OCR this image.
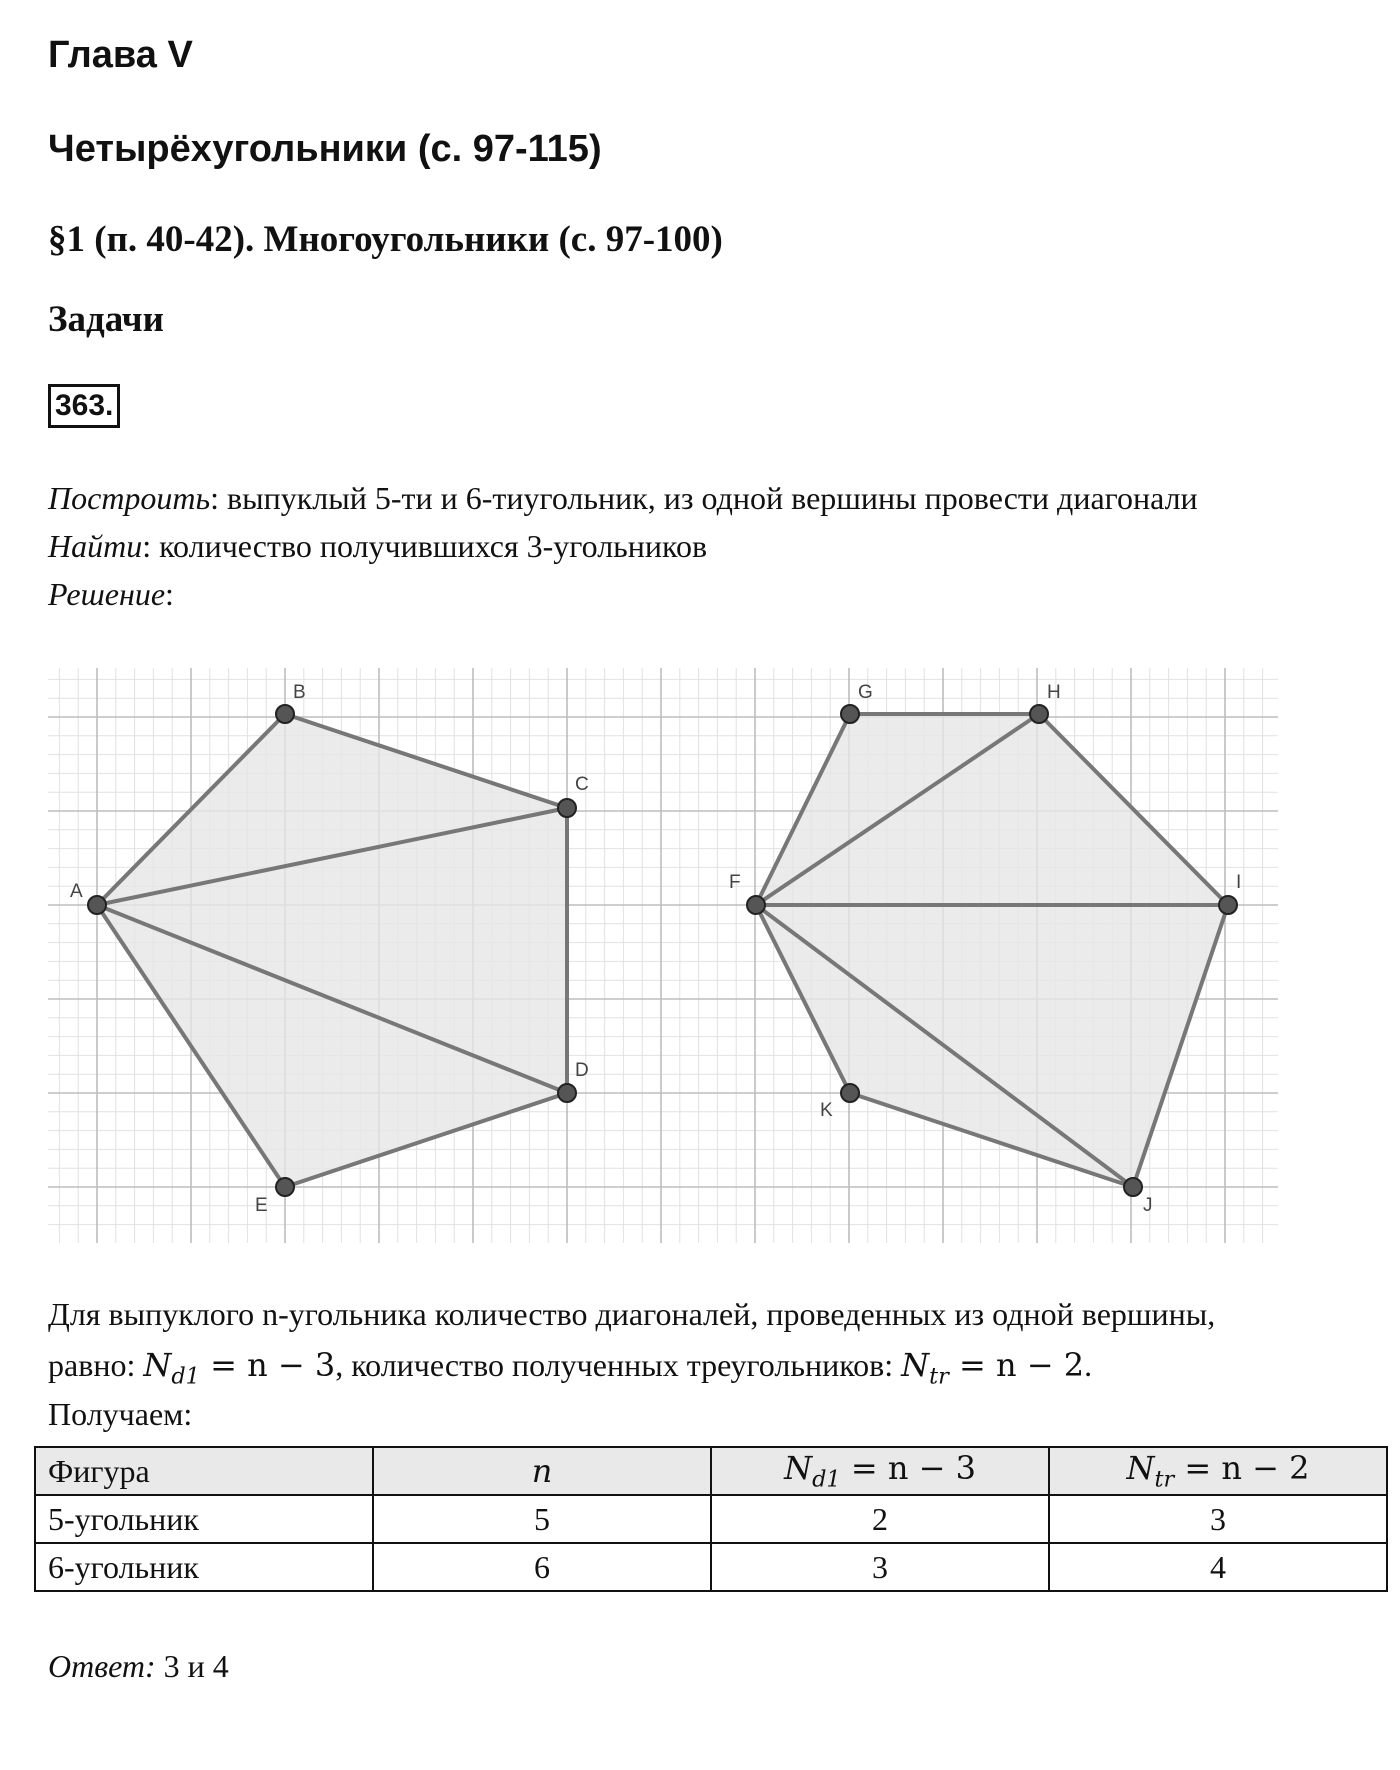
Глава V
Четырёхугольники (с. 97-115)
§1 (п. 40-42). Многоугольники (с. 97-100)
Задачи
363.
Построить: выпуклый 5-ти и 6-тиугольник, из одной вершины провести диагонали
Найти: количество получившихся 3-угольников
Решение:
A
B
C
D
E
F
G	H
I
J
K
Для выпуклого n-угольника количество диагоналей, проведенных из одной вершины,
равно: $N_{d1} = n - 3$, количество полученных треугольников: $N_{tr} = n - 2$.
Получаем:
Фигура	n	$N_{d1} = n - 3$	$N_{tr} = n - 2$
5-угольник	5	2	3
6-угольник	6	3	4
Ответ: 3 и 4
